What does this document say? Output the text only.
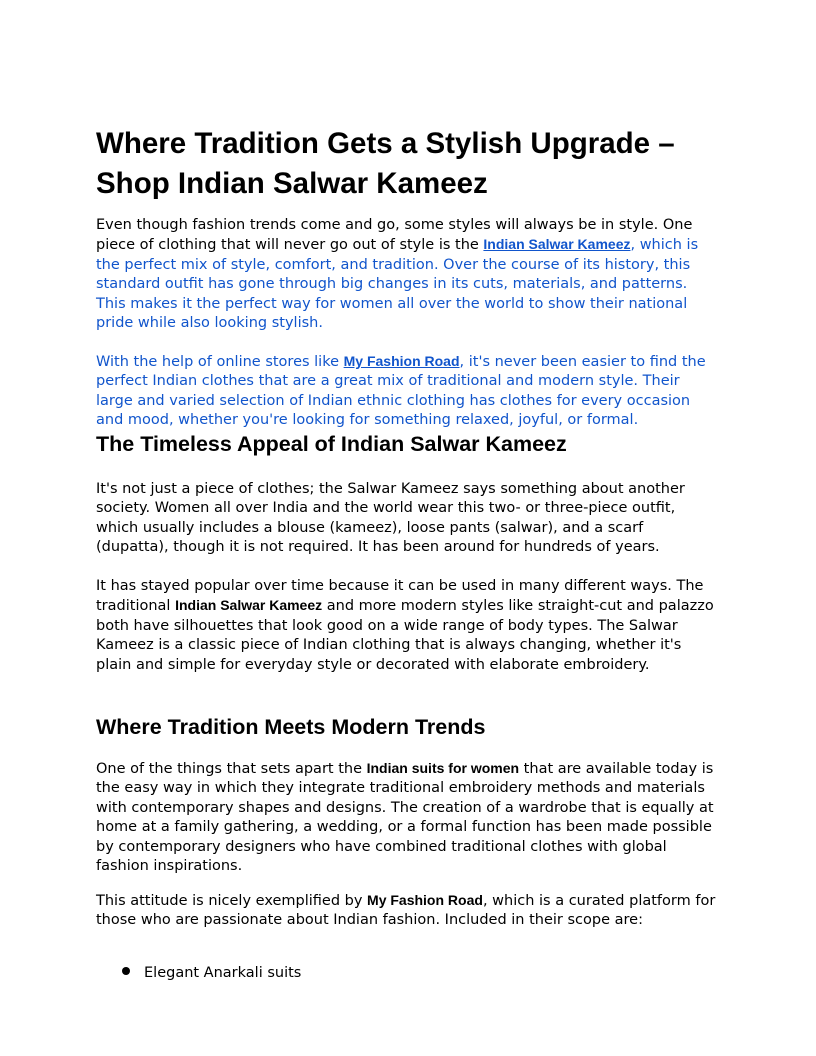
Where Tradition Gets a Stylish Upgrade – Shop Indian Salwar Kameez

Even though fashion trends come and go, some styles will always be in style. One piece of clothing that will never go out of style is the Indian Salwar Kameez, which is the perfect mix of style, comfort, and tradition. Over the course of its history, this standard outfit has gone through big changes in its cuts, materials, and patterns. This makes it the perfect way for women all over the world to show their national pride while also looking stylish.

With the help of online stores like My Fashion Road, it's never been easier to find the perfect Indian clothes that are a great mix of traditional and modern style. Their large and varied selection of Indian ethnic clothing has clothes for every occasion and mood, whether you're looking for something relaxed, joyful, or formal.

The Timeless Appeal of Indian Salwar Kameez

It's not just a piece of clothes; the Salwar Kameez says something about another society. Women all over India and the world wear this two- or three-piece outfit, which usually includes a blouse (kameez), loose pants (salwar), and a scarf (dupatta), though it is not required. It has been around for hundreds of years.

It has stayed popular over time because it can be used in many different ways. The traditional Indian Salwar Kameez and more modern styles like straight-cut and palazzo both have silhouettes that look good on a wide range of body types. The Salwar Kameez is a classic piece of Indian clothing that is always changing, whether it's plain and simple for everyday style or decorated with elaborate embroidery.

Where Tradition Meets Modern Trends

One of the things that sets apart the Indian suits for women that are available today is the easy way in which they integrate traditional embroidery methods and materials with contemporary shapes and designs. The creation of a wardrobe that is equally at home at a family gathering, a wedding, or a formal function has been made possible by contemporary designers who have combined traditional clothes with global fashion inspirations.

This attitude is nicely exemplified by My Fashion Road, which is a curated platform for those who are passionate about Indian fashion. Included in their scope are:

Elegant Anarkali suits
